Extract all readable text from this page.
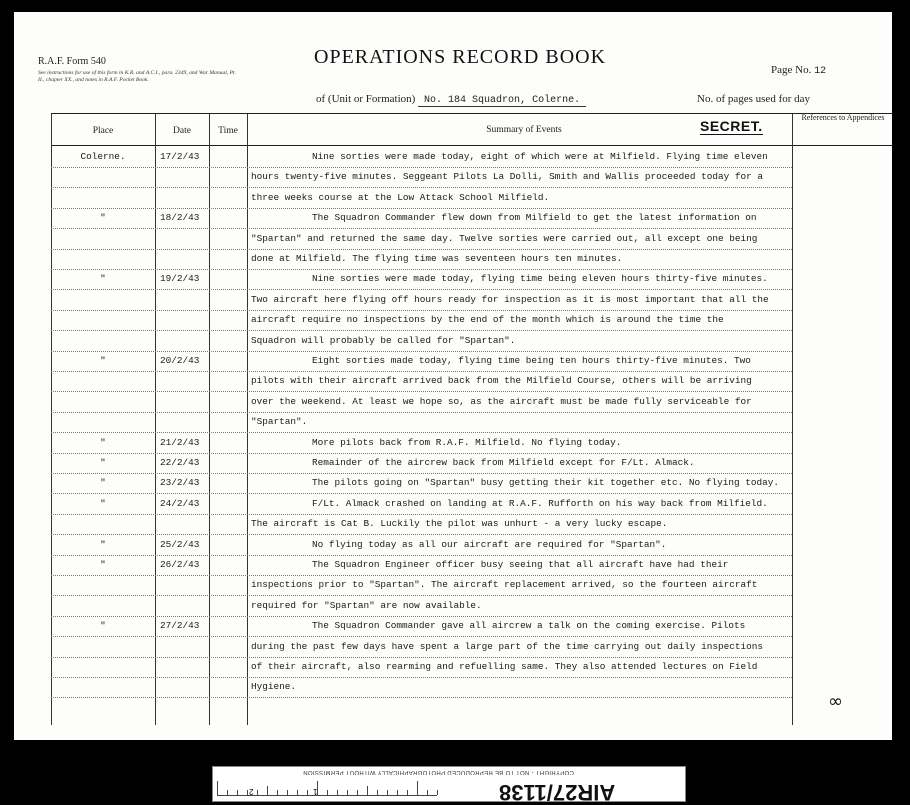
R.A.F. Form 540
See instructions for use of this form in K.R. and A.C.I., para. 2349, and War Manual, Pt. II., chapter XX., and notes in R.A.F. Pocket Book.
OPERATIONS RECORD BOOK
Page No. 12
of (Unit or Formation) No. 184 Squadron, Colerne.	No. of pages used for day
Place	Date	Time	Summary of Events	SECRET.
References to Appendices
Colerne.	17/2/43	Nine sorties were made today, eight of which were at Milfield. Flying time eleven
hours twenty-five minutes. Seggeant Pilots La Dolli, Smith and Wallis proceeded today for a
three weeks course at the Low Attack School Milfield.
"	18/2/43	The Squadron Commander flew down from Milfield to get the latest information on
"Spartan" and returned the same day. Twelve sorties were carried out, all except one being
done at Milfield. The flying time was seventeen hours ten minutes.
"	19/2/43	Nine sorties were made today, flying time being eleven hours thirty-five minutes.
Two aircraft here flying off hours ready for inspection as it is most important that all the
aircraft require no inspections by the end of the month which is around the time the
Squadron will probably be called for "Spartan".
"	20/2/43	Eight sorties made today, flying time being ten hours thirty-five minutes. Two
pilots with their aircraft arrived back from the Milfield Course, others will be arriving
over the weekend. At least we hope so, as the aircraft must be made fully serviceable for
"Spartan".
"	21/2/43	More pilots back from R.A.F. Milfield. No flying today.
"	22/2/43	Remainder of the aircrew back from Milfield except for F/Lt. Almack.
"	23/2/43	The pilots going on "Spartan" busy getting their kit together etc. No flying today.
"	24/2/43	F/Lt. Almack crashed on landing at R.A.F. Rufforth on his way back from Milfield.
The aircraft is Cat B. Luckily the pilot was unhurt - a very lucky escape.
"	25/2/43	No flying today as all our aircraft are required for "Spartan".
"	26/2/43	The Squadron Engineer officer busy seeing that all aircraft have had their
inspections prior to "Spartan". The aircraft replacement arrived, so the fourteen aircraft
required for "Spartan" are now available.
"	27/2/43	The Squadron Commander gave all aircrew a talk on the coming exercise. Pilots
during the past few days have spent a large part of the time carrying out daily inspections
of their aircraft, also rearming and refuelling same. They also attended lectures on Field
Hygiene.
∞
1
2
COPYRIGHT - NOT TO BE REPRODUCED PHOTOGRAPHICALLY WITHOUT PERMISSION
AIR27/1138
